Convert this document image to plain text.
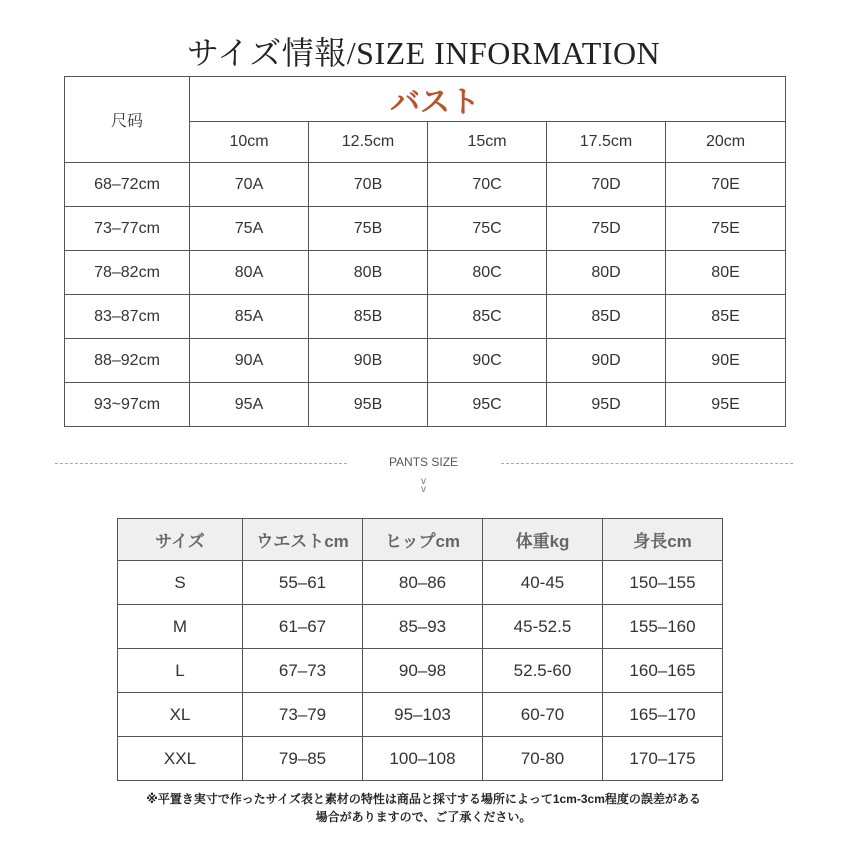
サイズ情報/SIZE INFORMATION
尺码	バスト				
	10cm	12.5cm	15cm	17.5cm	20cm
68–72cm	70A	70B	70C	70D	70E
73–77cm	75A	75B	75C	75D	75E
78–82cm	80A	80B	80C	80D	80E
83–87cm	85A	85B	85C	85D	85E
88–92cm	90A	90B	90C	90D	90E
93~97cm	95A	95B	95C	95D	95E
PANTS SIZE
v
v
サイズ	ウエストcm	ヒップcm	体重kg	身長cm
S	55–61	80–86	40-45	150–155
M	61–67	85–93	45-52.5	155–160
L	67–73	90–98	52.5-60	160–165
XL	73–79	95–103	60-70	165–170
XXL	79–85	100–108	70-80	170–175
※平置き実寸で作ったサイズ表と素材の特性は商品と採寸する場所によって1cm-3cm程度の誤差がある
場合がありますので、ご了承ください。
